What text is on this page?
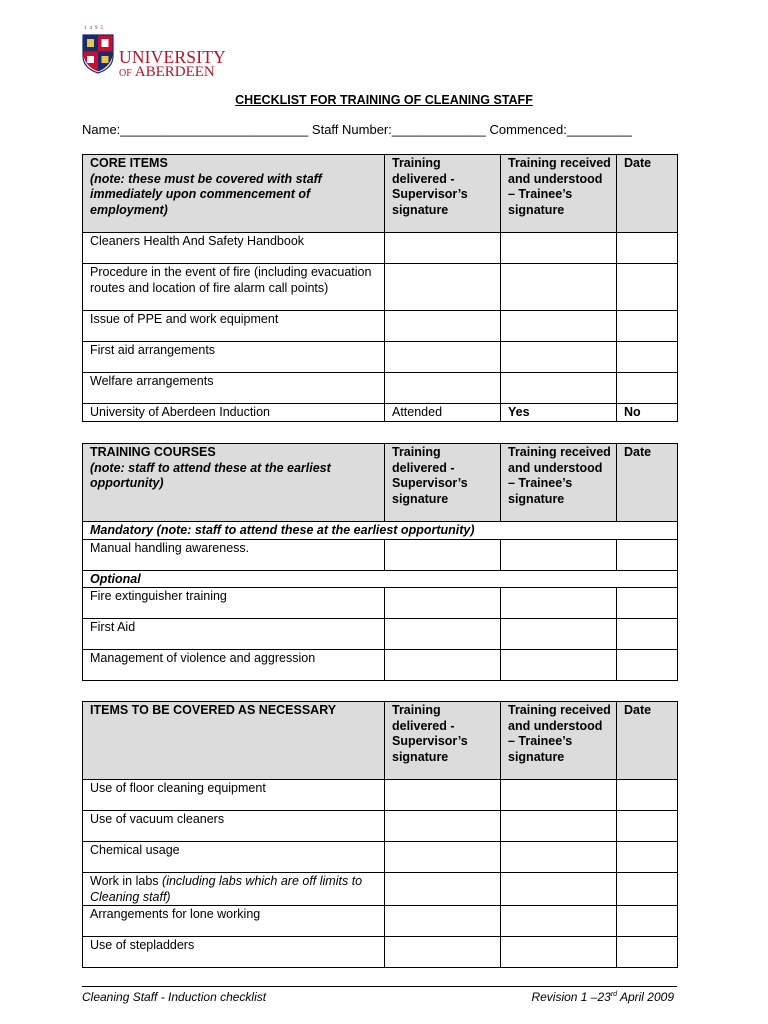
1495
UNIVERSITY
OF ABERDEEN
CHECKLIST FOR TRAINING OF CLEANING STAFF
Name:__________________________ Staff Number:_____________ Commenced:_________
CORE ITEMS
(note: these must be covered with staff immediately upon commencement of employment)	Training delivered - Supervisor’s signature	Training received and understood – Trainee’s signature	Date
Cleaners Health And Safety Handbook			
Procedure in the event of fire (including evacuation routes and location of fire alarm call points)			
Issue of PPE and work equipment			
First aid arrangements			
Welfare arrangements			
University of Aberdeen Induction	Attended	Yes	No
TRAINING COURSES
(note: staff to attend these at the earliest opportunity)	Training delivered - Supervisor’s signature	Training received and understood – Trainee’s signature	Date
Mandatory (note: staff to attend these at the earliest opportunity)			
Manual handling awareness.			
Optional			
Fire extinguisher training			
First Aid			
Management of violence and aggression			
ITEMS TO BE COVERED AS NECESSARY	Training delivered - Supervisor’s signature	Training received and understood – Trainee’s signature	Date
Use of floor cleaning equipment			
Use of vacuum cleaners			
Chemical usage			
Work in labs (including labs which are off limits to Cleaning staff)			
Arrangements for lone working			
Use of stepladders			
Cleaning Staff - Induction checklist	Revision 1 –23rd April 2009
